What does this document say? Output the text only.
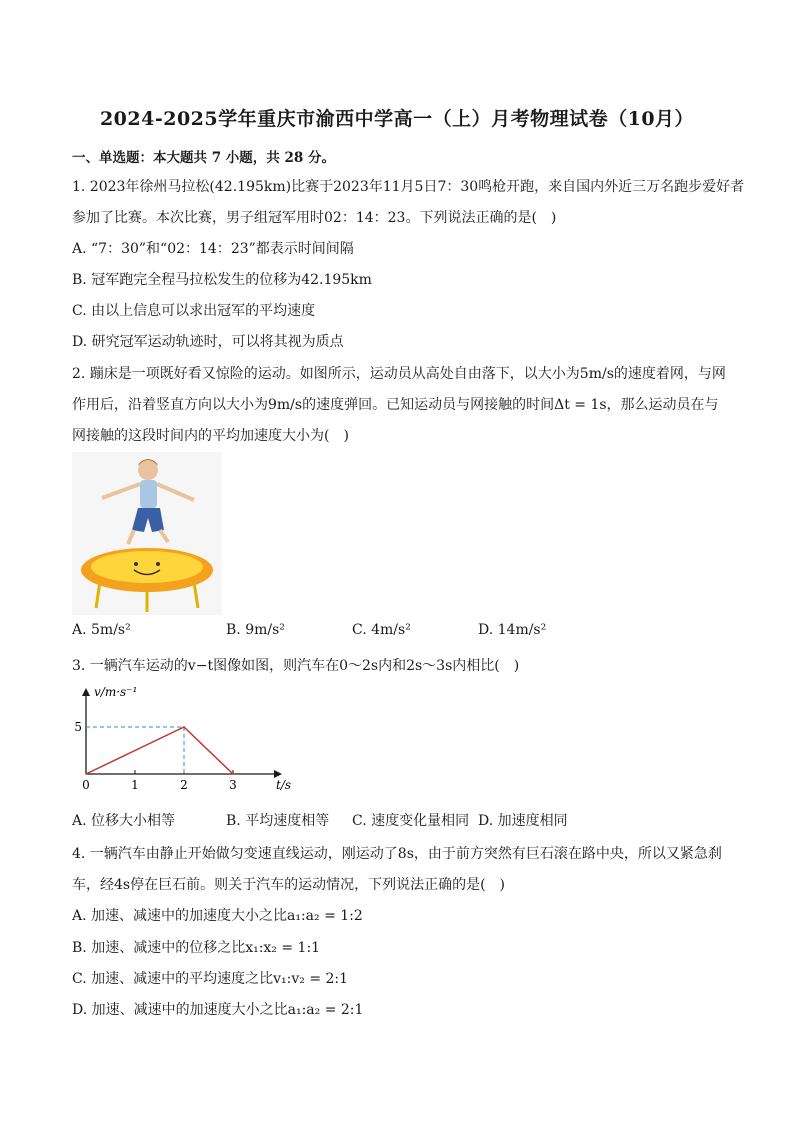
2024-2025学年重庆市渝西中学高一（上）月考物理试卷（10月）
一、单选题：本大题共 7 小题，共 28 分。
1. 2023年徐州马拉松(42.195km)比赛于2023年11月5日7：30鸣枪开跑，来自国内外近三万名跑步爱好者
参加了比赛。本次比赛，男子组冠军用时02：14：23。下列说法正确的是(　)
A. “7：30”和“02：14：23”都表示时间间隔
B. 冠军跑完全程马拉松发生的位移为42.195km
C. 由以上信息可以求出冠军的平均速度
D. 研究冠军运动轨迹时，可以将其视为质点
2. 蹦床是一项既好看又惊险的运动。如图所示，运动员从高处自由落下，以大小为5m/s的速度着网，与网
作用后，沿着竖直方向以大小为9m/s的速度弹回。已知运动员与网接触的时间Δt = 1s，那么运动员在与
网接触的这段时间内的平均加速度大小为(　)
A. 5m/s²	B. 9m/s²	C. 4m/s²	D. 14m/s²
3. 一辆汽车运动的v−t图像如图，则汽车在0～2s内和2s～3s内相比(　)
v/m·s⁻¹
t/s
0	1	2	3
5
A. 位移大小相等	B. 平均速度相等 C. 速度变化量相同 D. 加速度相同
4. 一辆汽车由静止开始做匀变速直线运动，刚运动了8s，由于前方突然有巨石滚在路中央，所以又紧急刹
车，经4s停在巨石前。则关于汽车的运动情况，下列说法正确的是(　)
A. 加速、减速中的加速度大小之比a₁:a₂ = 1:2
B. 加速、减速中的位移之比x₁:x₂ = 1:1
C. 加速、减速中的平均速度之比v₁:v₂ = 2:1
D. 加速、减速中的加速度大小之比a₁:a₂ = 2:1
